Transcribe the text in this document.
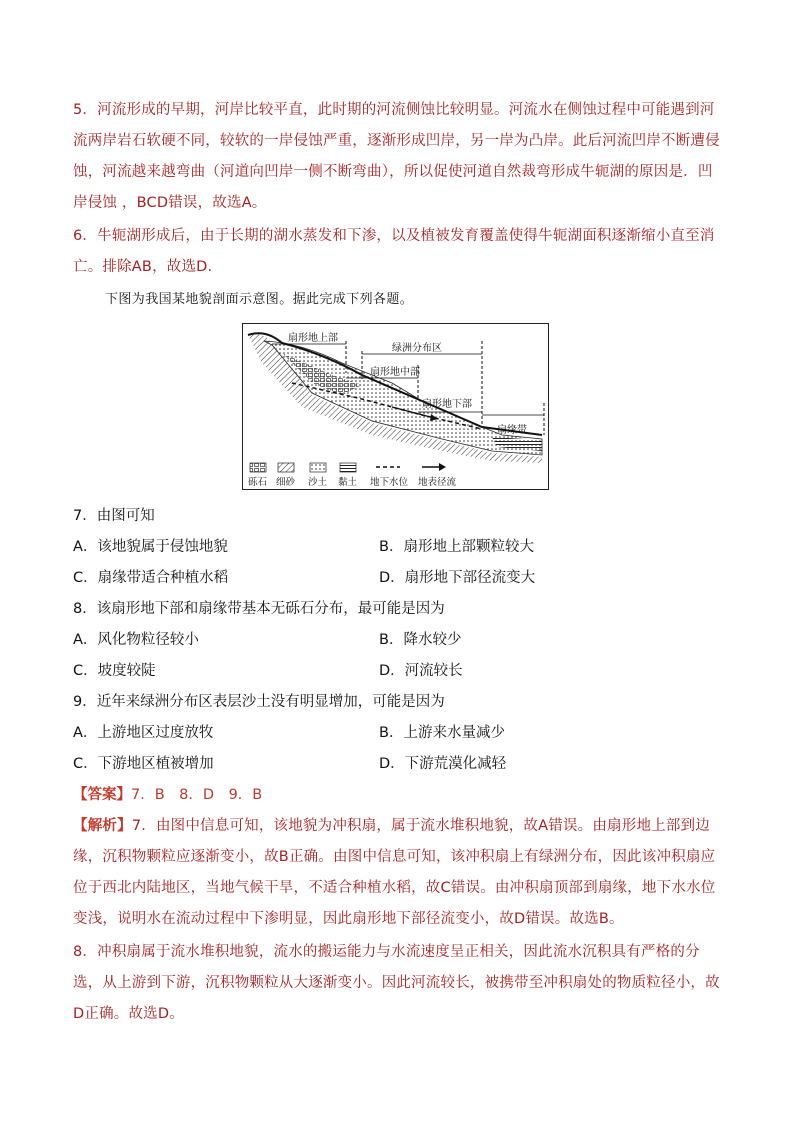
5．河流形成的早期，河岸比较平直，此时期的河流侧蚀比较明显。河流水在侧蚀过程中可能遇到河流两岸岩石软硬不同，较软的一岸侵蚀严重，逐渐形成凹岸，另一岸为凸岸。此后河流凹岸不断遭侵蚀，河流越来越弯曲（河道向凹岸一侧不断弯曲），所以促使河道自然裁弯形成牛轭湖的原因是．凹岸侵蚀 ，BCD错误，故选A。
6．牛轭湖形成后，由于长期的湖水蒸发和下渗，以及植被发育覆盖使得牛轭湖面积逐渐缩小直至消亡。排除AB，故选D.
下图为我国某地貌剖面示意图。据此完成下列各题。
扇形地上部
绿洲分布区
扇形地中部
扇形地下部
扇缘带
砾石 细砂 沙土 黏土 地下水位 地表径流
7．由图可知
A．该地貌属于侵蚀地貌	B．扇形地上部颗粒较大
C．扇缘带适合种植水稻	D．扇形地下部径流变大
8．该扇形地下部和扇缘带基本无砾石分布，最可能是因为
A．风化物粒径较小	B．降水较少
C．坡度较陡	D．河流较长
9．近年来绿洲分布区表层沙土没有明显增加，可能是因为
A．上游地区过度放牧	B．上游来水量减少
C．下游地区植被增加	D．下游荒漠化减轻
【答案】7．B　8．D　9．B
【解析】7．由图中信息可知，该地貌为冲积扇，属于流水堆积地貌，故A错误。由扇形地上部到边缘，沉积物颗粒应逐渐变小，故B正确。由图中信息可知，该冲积扇上有绿洲分布，因此该冲积扇应位于西北内陆地区，当地气候干旱，不适合种植水稻，故C错误。由冲积扇顶部到扇缘，地下水水位变浅，说明水在流动过程中下渗明显，因此扇形地下部径流变小，故D错误。故选B。
8．冲积扇属于流水堆积地貌，流水的搬运能力与水流速度呈正相关，因此流水沉积具有严格的分选，从上游到下游，沉积物颗粒从大逐渐变小。因此河流较长，被携带至冲积扇处的物质粒径小，故D正确。故选D。
